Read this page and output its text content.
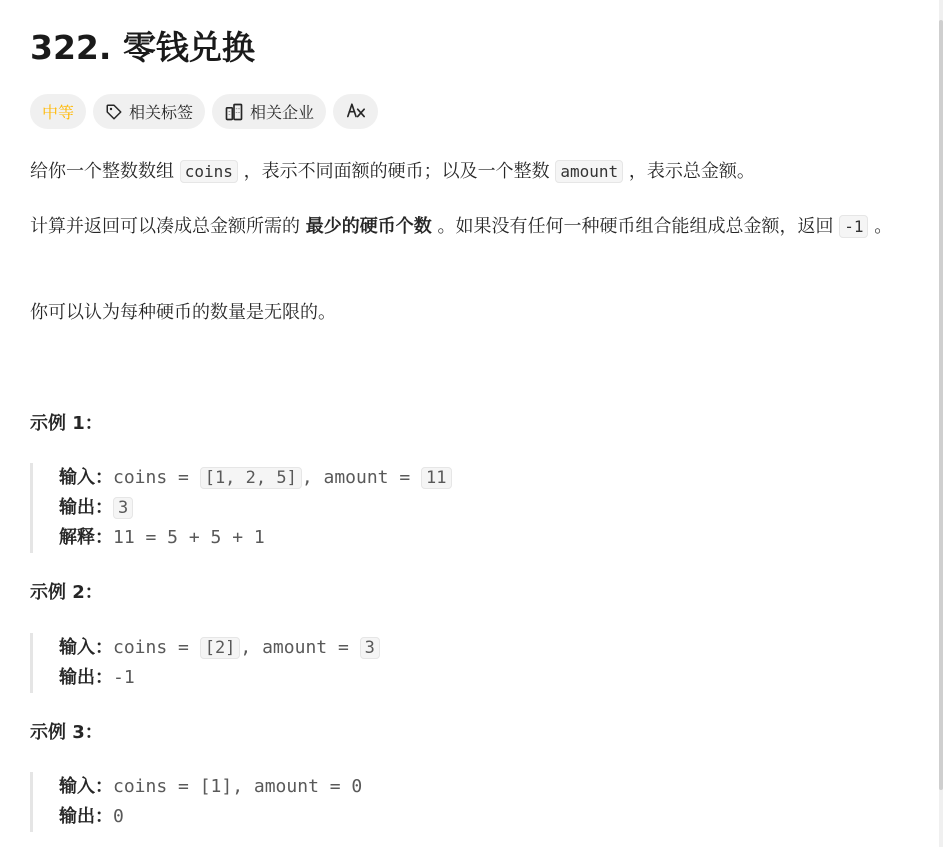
322. 零钱兑换
中等	相关标签	相关企业

给你一个整数数组 coins ，表示不同面额的硬币；以及一个整数 amount ，表示总金额。

计算并返回可以凑成总金额所需的 最少的硬币个数 。如果没有任何一种硬币组合能组成总金额，返回 -1 。

你可以认为每种硬币的数量是无限的。

示例 1：
输入：coins = [1, 2, 5] , amount = 11
输出： 3
解释：11 = 5 + 5 + 1
示例 2：
输入：coins = [2] , amount = 3
输出：-1
示例 3：
输入：coins = [1], amount = 0
输出：0
